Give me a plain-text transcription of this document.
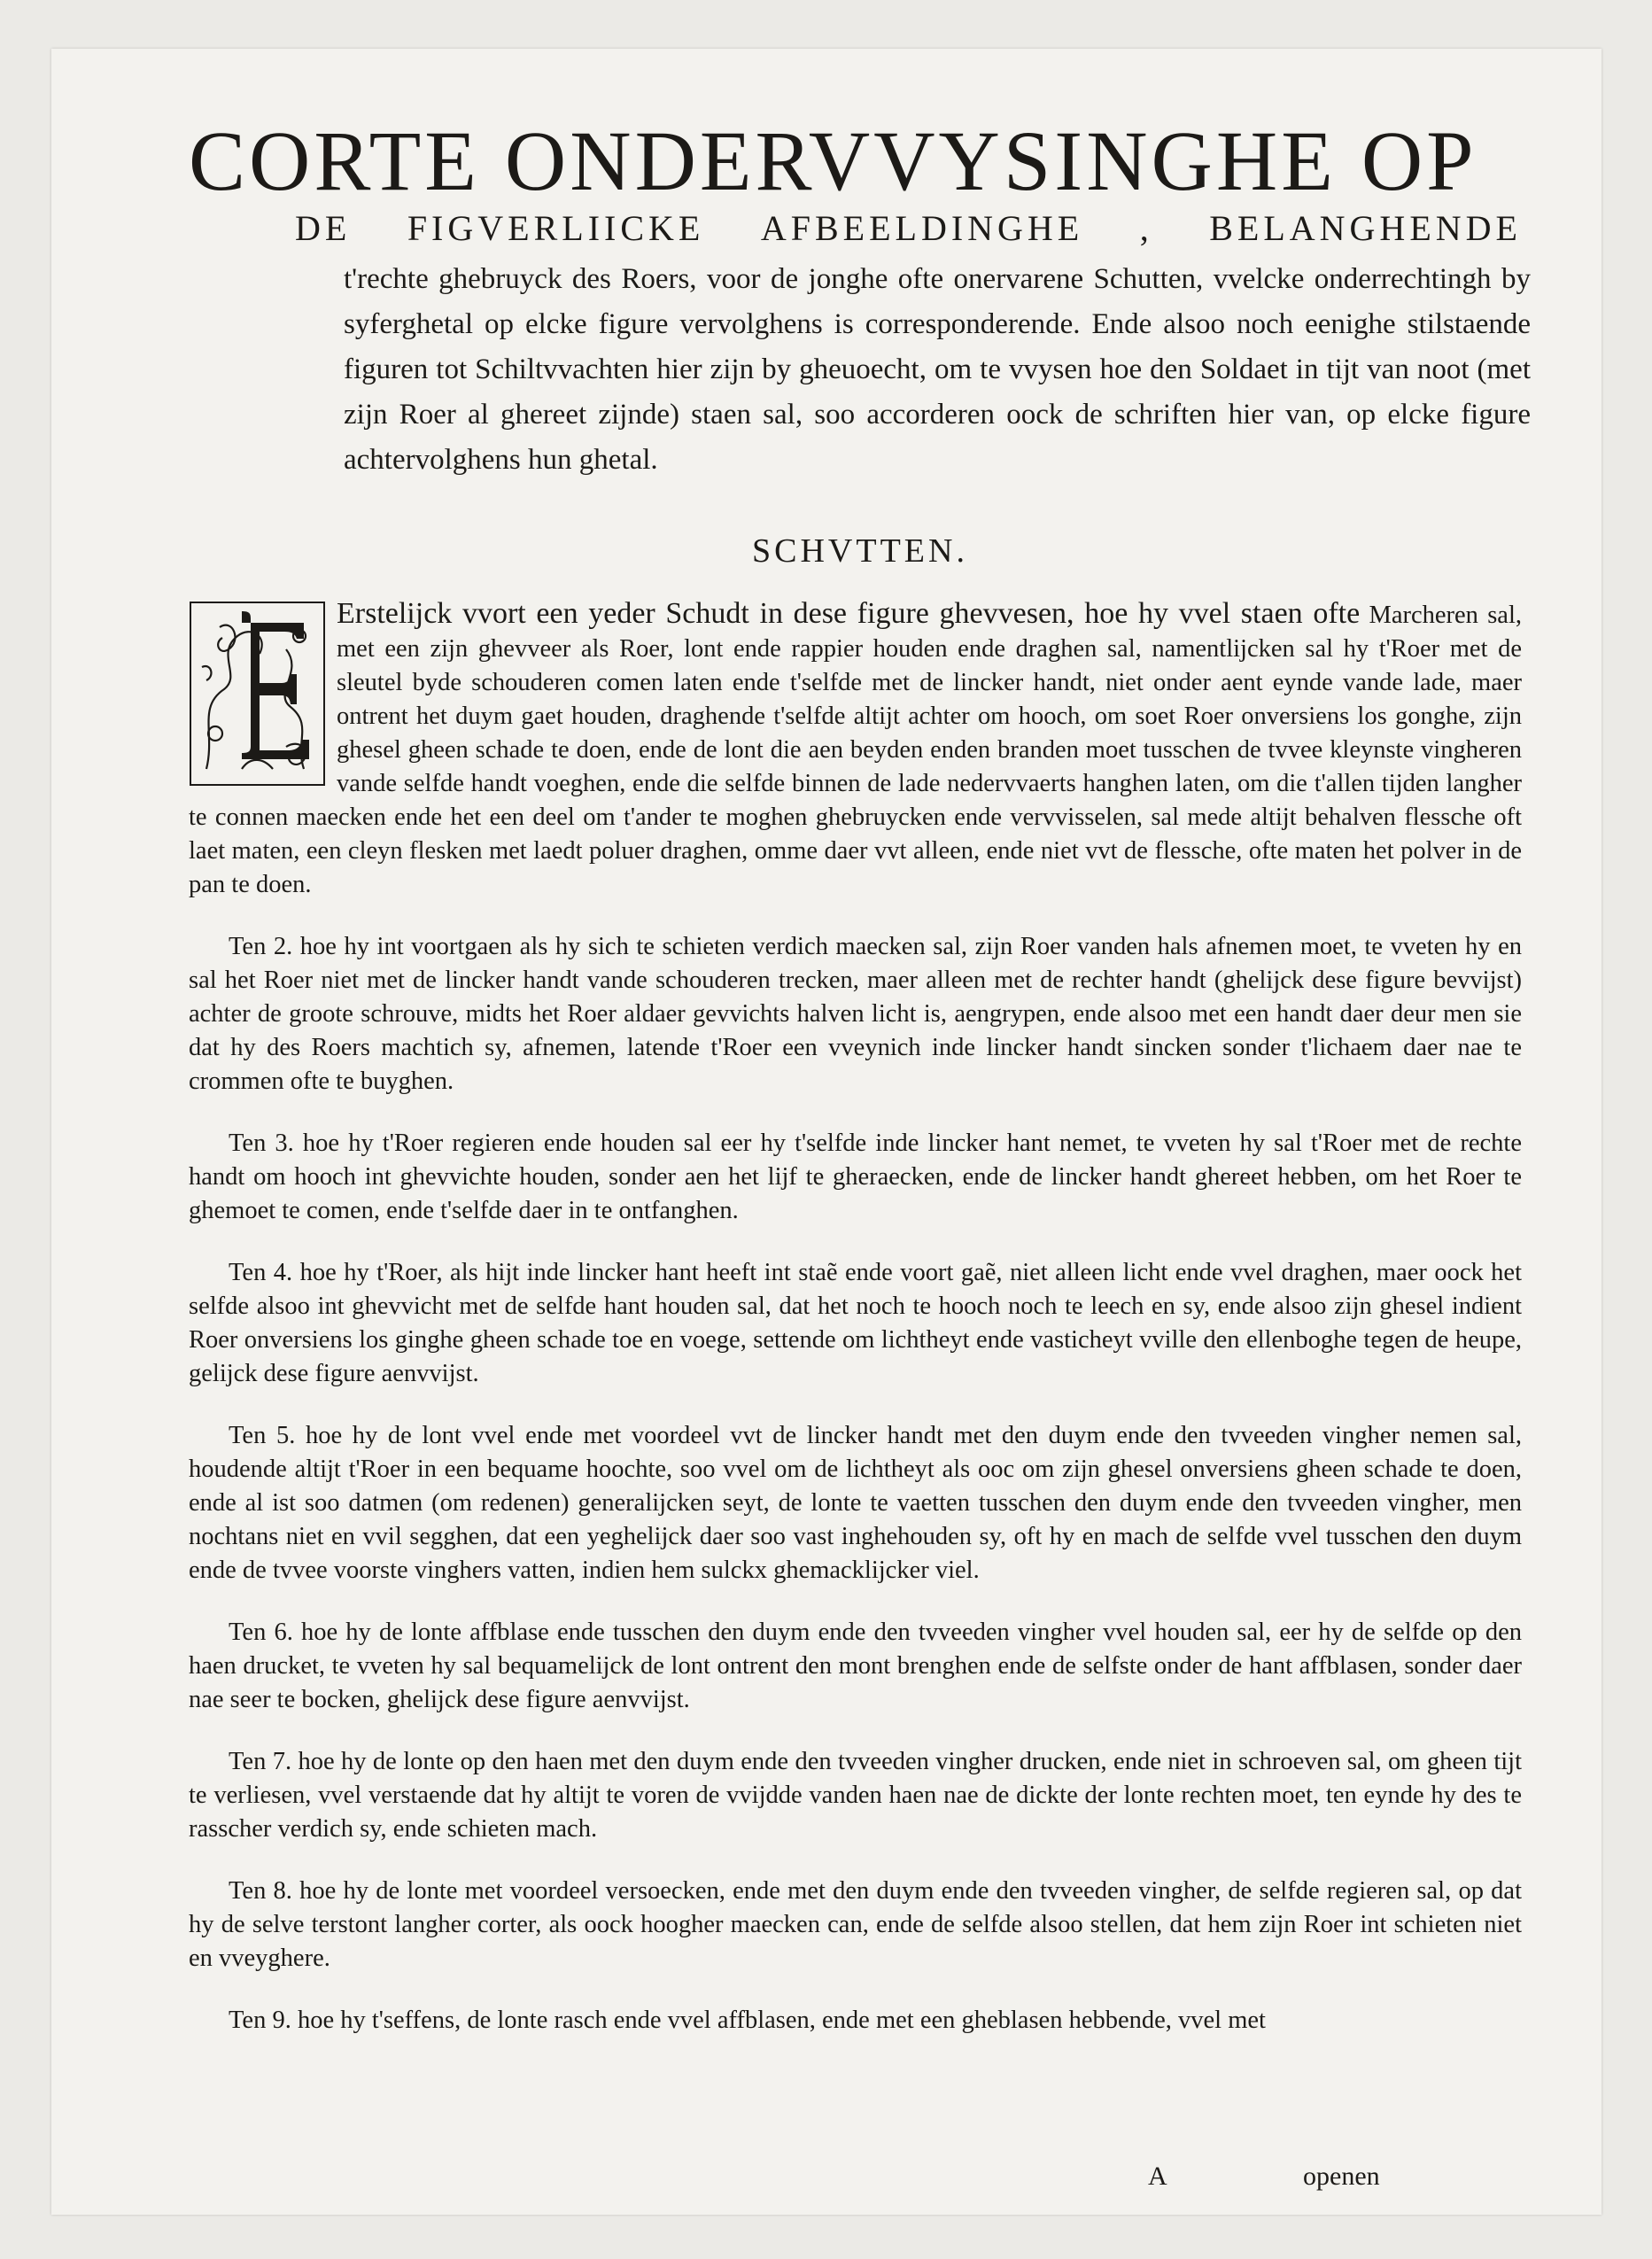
CORTE ONDERVVYSINGHE OP
DE FIGVERLIICKE AFBEELDINGHE , BELANGHENDE

t'rechte ghebruyck des Roers, voor de jonghe ofte onervarene Schutten, vvelcke onderrechtingh by syferghetal op elcke figure vervolghens is corresponderende. Ende alsoo noch eenighe stilstaende figuren tot Schiltvvachten hier zijn by gheuoecht, om te vvysen hoe den Soldaet in tijt van noot (met zijn Roer al ghereet zijnde) staen sal, soo accorderen oock de schriften hier van, op elcke figure achtervolghens hun ghetal.

SCHVTTEN.

E	Erstelijck vvort een yeder Schudt in dese figure ghevvesen, hoe hy vvel staen ofte Marcheren sal, met een zijn ghevveer als Roer, lont ende rappier houden ende draghen sal, namentlijcken sal hy t'Roer met de sleutel byde schouderen comen laten ende t'selfde met de lincker handt, niet onder aent eynde vande lade, maer ontrent het duym gaet houden, draghende t'selfde altijt achter om hooch, om soet Roer onversiens los gonghe, zijn ghesel gheen schade te doen, ende de lont die aen beyden enden branden moet tusschen de tvvee kleynste vingheren vande selfde handt voeghen, ende die selfde binnen de lade nedervvaerts hanghen laten, om die t'allen tijden langher te connen maecken ende het een deel om t'ander te moghen ghebruycken ende vervvisselen, sal mede altijt behalven flessche oft laet maten, een cleyn flesken met laedt poluer draghen, omme daer vvt alleen, ende niet vvt de flessche, ofte maten het polver in de pan te doen.

Ten 2. hoe hy int voortgaen als hy sich te schieten verdich maecken sal, zijn Roer vanden hals afnemen moet, te vveten hy en sal het Roer niet met de lincker handt vande schouderen trecken, maer alleen met de rechter handt (ghelijck dese figure bevvijst) achter de groote schrouve, midts het Roer aldaer gevvichts halven licht is, aengrypen, ende alsoo met een handt daer deur men sie dat hy des Roers machtich sy, afnemen, latende t'Roer een vveynich inde lincker handt sincken sonder t'lichaem daer nae te crommen ofte te buyghen.

Ten 3. hoe hy t'Roer regieren ende houden sal eer hy t'selfde inde lincker hant nemet, te vveten hy sal t'Roer met de rechte handt om hooch int ghevvichte houden, sonder aen het lijf te gheraecken, ende de lincker handt ghereet hebben, om het Roer te ghemoet te comen, ende t'selfde daer in te ontfanghen.

Ten 4. hoe hy t'Roer, als hijt inde lincker hant heeft int staẽ ende voort gaẽ, niet alleen licht ende vvel draghen, maer oock het selfde alsoo int ghevvicht met de selfde hant houden sal, dat het noch te hooch noch te leech en sy, ende alsoo zijn ghesel indient Roer onversiens los ginghe gheen schade toe en voege, settende om lichtheyt ende vasticheyt vville den ellenboghe tegen de heupe, gelijck dese figure aenvvijst.

Ten 5. hoe hy de lont vvel ende met voordeel vvt de lincker handt met den duym ende den tvveeden vingher nemen sal, houdende altijt t'Roer in een bequame hoochte, soo vvel om de lichtheyt als ooc om zijn ghesel onversiens gheen schade te doen, ende al ist soo datmen (om redenen) generalijcken seyt, de lonte te vaetten tusschen den duym ende den tvveeden vingher, men nochtans niet en vvil segghen, dat een yeghelijck daer soo vast inghehouden sy, oft hy en mach de selfde vvel tusschen den duym ende de tvvee voorste vinghers vatten, indien hem sulckx ghemacklijcker viel.

Ten 6. hoe hy de lonte affblase ende tusschen den duym ende den tvveeden vingher vvel houden sal, eer hy de selfde op den haen drucket, te vveten hy sal bequamelijck de lont ontrent den mont brenghen ende de selfste onder de hant affblasen, sonder daer nae seer te bocken, ghelijck dese figure aenvvijst.

Ten 7. hoe hy de lonte op den haen met den duym ende den tvveeden vingher drucken, ende niet in schroeven sal, om gheen tijt te verliesen, vvel verstaende dat hy altijt te voren de vvijdde vanden haen nae de dickte der lonte rechten moet, ten eynde hy des te rasscher verdich sy, ende schieten mach.

Ten 8. hoe hy de lonte met voordeel versoecken, ende met den duym ende den tvveeden vingher, de selfde regieren sal, op dat hy de selve terstont langher corter, als oock hoogher maecken can, ende de selfde alsoo stellen, dat hem zijn Roer int schieten niet en vveyghere.

Ten 9. hoe hy t'seffens, de lonte rasch ende vvel affblasen, ende met een gheblasen hebbende, vvel met

A	openen
